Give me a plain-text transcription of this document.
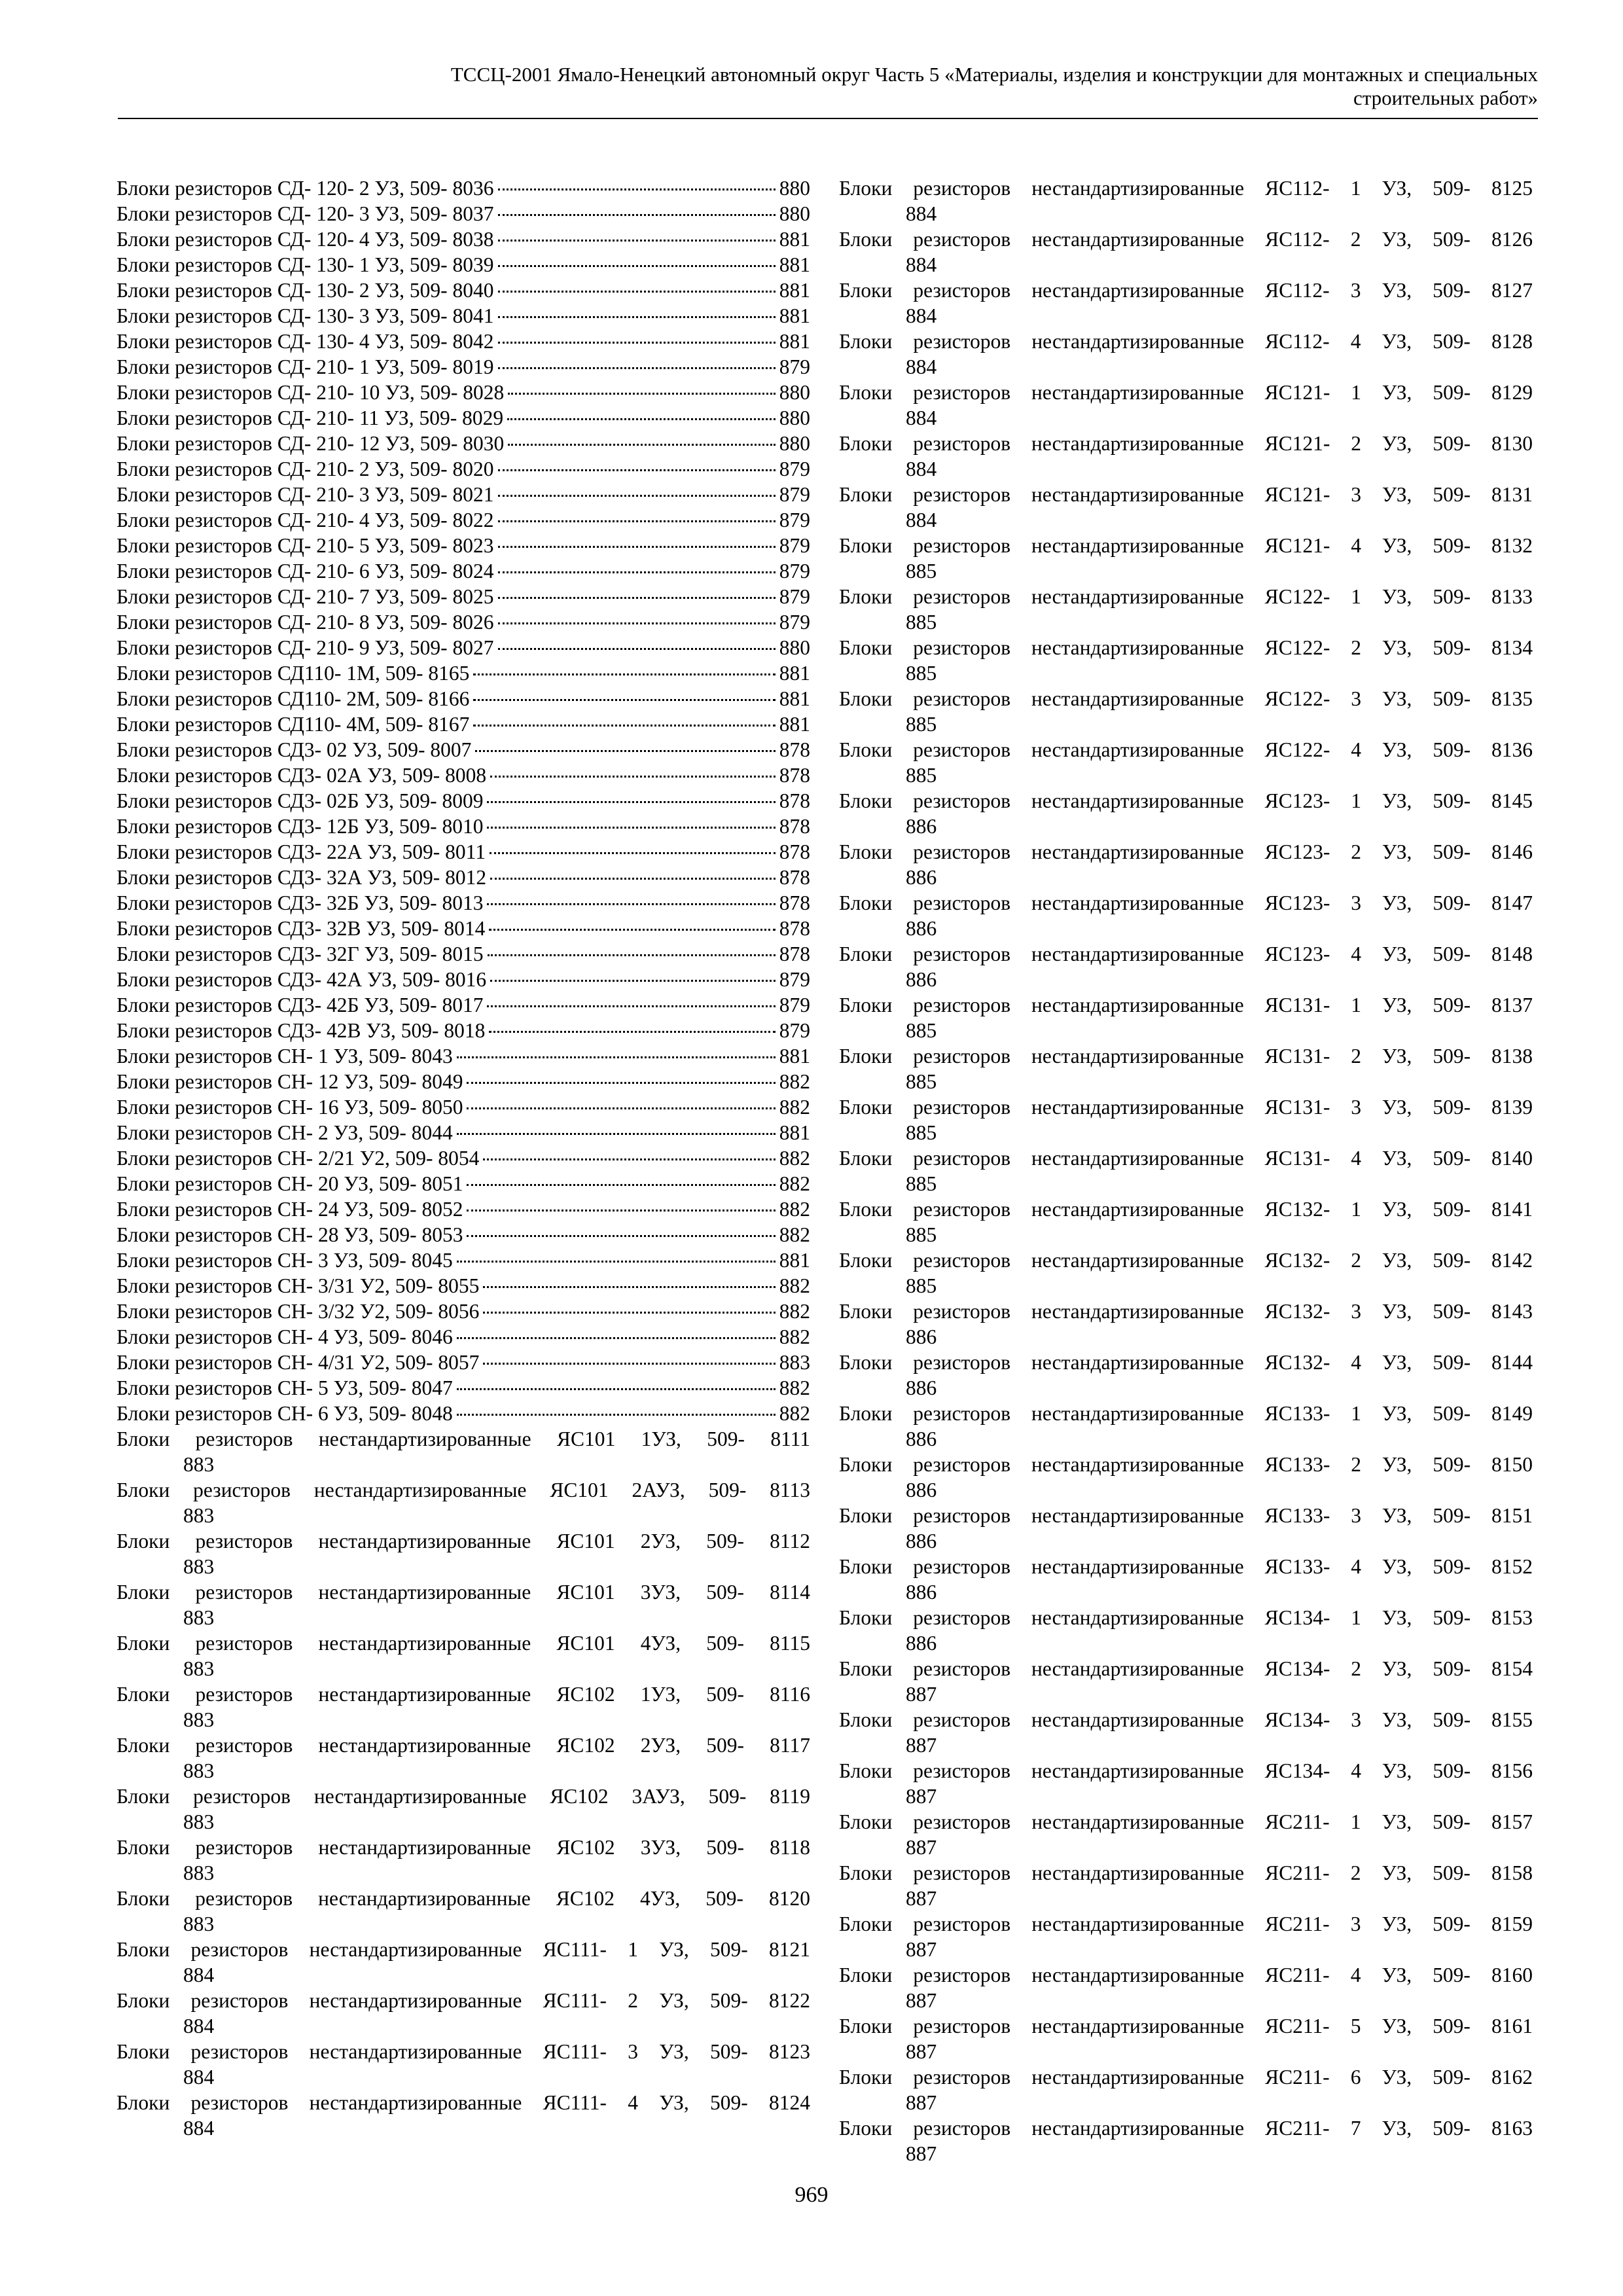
ТССЦ-2001 Ямало-Ненецкий автономный округ Часть 5 «Материалы, изделия и конструкции для монтажных и специальных
строительных работ»
Блоки резисторов СД- 120- 2 УЗ, 509- 8036	880
Блоки резисторов СД- 120- 3 УЗ, 509- 8037	880
Блоки резисторов СД- 120- 4 УЗ, 509- 8038	881
Блоки резисторов СД- 130- 1 УЗ, 509- 8039	881
Блоки резисторов СД- 130- 2 УЗ, 509- 8040	881
Блоки резисторов СД- 130- 3 УЗ, 509- 8041	881
Блоки резисторов СД- 130- 4 УЗ, 509- 8042	881
Блоки резисторов СД- 210- 1 УЗ, 509- 8019	879
Блоки резисторов СД- 210- 10 УЗ, 509- 8028	880
Блоки резисторов СД- 210- 11 УЗ, 509- 8029	880
Блоки резисторов СД- 210- 12 УЗ, 509- 8030	880
Блоки резисторов СД- 210- 2 УЗ, 509- 8020	879
Блоки резисторов СД- 210- 3 УЗ, 509- 8021	879
Блоки резисторов СД- 210- 4 УЗ, 509- 8022	879
Блоки резисторов СД- 210- 5 УЗ, 509- 8023	879
Блоки резисторов СД- 210- 6 УЗ, 509- 8024	879
Блоки резисторов СД- 210- 7 УЗ, 509- 8025	879
Блоки резисторов СД- 210- 8 УЗ, 509- 8026	879
Блоки резисторов СД- 210- 9 УЗ, 509- 8027	880
Блоки резисторов СД110- 1М, 509- 8165	881
Блоки резисторов СД110- 2М, 509- 8166	881
Блоки резисторов СД110- 4М, 509- 8167	881
Блоки резисторов СД3- 02 УЗ, 509- 8007	878
Блоки резисторов СД3- 02А УЗ, 509- 8008	878
Блоки резисторов СД3- 02Б УЗ, 509- 8009	878
Блоки резисторов СД3- 12Б УЗ, 509- 8010	878
Блоки резисторов СД3- 22А УЗ, 509- 8011	878
Блоки резисторов СД3- 32А УЗ, 509- 8012	878
Блоки резисторов СД3- 32Б УЗ, 509- 8013	878
Блоки резисторов СД3- 32В УЗ, 509- 8014	878
Блоки резисторов СД3- 32Г УЗ, 509- 8015	878
Блоки резисторов СД3- 42А УЗ, 509- 8016	879
Блоки резисторов СД3- 42Б УЗ, 509- 8017	879
Блоки резисторов СД3- 42В УЗ, 509- 8018	879
Блоки резисторов СН- 1 УЗ, 509- 8043	881
Блоки резисторов СН- 12 УЗ, 509- 8049	882
Блоки резисторов СН- 16 УЗ, 509- 8050	882
Блоки резисторов СН- 2 УЗ, 509- 8044	881
Блоки резисторов СН- 2/21 У2, 509- 8054	882
Блоки резисторов СН- 20 УЗ, 509- 8051	882
Блоки резисторов СН- 24 УЗ, 509- 8052	882
Блоки резисторов СН- 28 УЗ, 509- 8053	882
Блоки резисторов СН- 3 УЗ, 509- 8045	881
Блоки резисторов СН- 3/31 У2, 509- 8055	882
Блоки резисторов СН- 3/32 У2, 509- 8056	882
Блоки резисторов СН- 4 УЗ, 509- 8046	882
Блоки резисторов СН- 4/31 У2, 509- 8057	883
Блоки резисторов СН- 5 УЗ, 509- 8047	882
Блоки резисторов СН- 6 УЗ, 509- 8048	882
Блоки резисторов нестандартизированные ЯС101 1УЗ, 509- 8111
883
Блоки резисторов нестандартизированные ЯС101 2АУЗ, 509- 8113
883
Блоки резисторов нестандартизированные ЯС101 2УЗ, 509- 8112
883
Блоки резисторов нестандартизированные ЯС101 3УЗ, 509- 8114
883
Блоки резисторов нестандартизированные ЯС101 4УЗ, 509- 8115
883
Блоки резисторов нестандартизированные ЯС102 1УЗ, 509- 8116
883
Блоки резисторов нестандартизированные ЯС102 2УЗ, 509- 8117
883
Блоки резисторов нестандартизированные ЯС102 3АУЗ, 509- 8119
883
Блоки резисторов нестандартизированные ЯС102 3УЗ, 509- 8118
883
Блоки резисторов нестандартизированные ЯС102 4УЗ, 509- 8120
883
Блоки резисторов нестандартизированные ЯС111- 1 УЗ, 509- 8121
884
Блоки резисторов нестандартизированные ЯС111- 2 УЗ, 509- 8122
884
Блоки резисторов нестандартизированные ЯС111- 3 УЗ, 509- 8123
884
Блоки резисторов нестандартизированные ЯС111- 4 УЗ, 509- 8124
884
Блоки резисторов нестандартизированные ЯС112- 1 УЗ, 509- 8125
884
Блоки резисторов нестандартизированные ЯС112- 2 УЗ, 509- 8126
884
Блоки резисторов нестандартизированные ЯС112- 3 УЗ, 509- 8127
884
Блоки резисторов нестандартизированные ЯС112- 4 УЗ, 509- 8128
884
Блоки резисторов нестандартизированные ЯС121- 1 УЗ, 509- 8129
884
Блоки резисторов нестандартизированные ЯС121- 2 УЗ, 509- 8130
884
Блоки резисторов нестандартизированные ЯС121- 3 УЗ, 509- 8131
884
Блоки резисторов нестандартизированные ЯС121- 4 УЗ, 509- 8132
885
Блоки резисторов нестандартизированные ЯС122- 1 УЗ, 509- 8133
885
Блоки резисторов нестандартизированные ЯС122- 2 УЗ, 509- 8134
885
Блоки резисторов нестандартизированные ЯС122- 3 УЗ, 509- 8135
885
Блоки резисторов нестандартизированные ЯС122- 4 УЗ, 509- 8136
885
Блоки резисторов нестандартизированные ЯС123- 1 УЗ, 509- 8145
886
Блоки резисторов нестандартизированные ЯС123- 2 УЗ, 509- 8146
886
Блоки резисторов нестандартизированные ЯС123- 3 УЗ, 509- 8147
886
Блоки резисторов нестандартизированные ЯС123- 4 УЗ, 509- 8148
886
Блоки резисторов нестандартизированные ЯС131- 1 УЗ, 509- 8137
885
Блоки резисторов нестандартизированные ЯС131- 2 УЗ, 509- 8138
885
Блоки резисторов нестандартизированные ЯС131- 3 УЗ, 509- 8139
885
Блоки резисторов нестандартизированные ЯС131- 4 УЗ, 509- 8140
885
Блоки резисторов нестандартизированные ЯС132- 1 УЗ, 509- 8141
885
Блоки резисторов нестандартизированные ЯС132- 2 УЗ, 509- 8142
885
Блоки резисторов нестандартизированные ЯС132- 3 УЗ, 509- 8143
886
Блоки резисторов нестандартизированные ЯС132- 4 УЗ, 509- 8144
886
Блоки резисторов нестандартизированные ЯС133- 1 УЗ, 509- 8149
886
Блоки резисторов нестандартизированные ЯС133- 2 УЗ, 509- 8150
886
Блоки резисторов нестандартизированные ЯС133- 3 УЗ, 509- 8151
886
Блоки резисторов нестандартизированные ЯС133- 4 УЗ, 509- 8152
886
Блоки резисторов нестандартизированные ЯС134- 1 УЗ, 509- 8153
886
Блоки резисторов нестандартизированные ЯС134- 2 УЗ, 509- 8154
887
Блоки резисторов нестандартизированные ЯС134- 3 УЗ, 509- 8155
887
Блоки резисторов нестандартизированные ЯС134- 4 УЗ, 509- 8156
887
Блоки резисторов нестандартизированные ЯС211- 1 УЗ, 509- 8157
887
Блоки резисторов нестандартизированные ЯС211- 2 УЗ, 509- 8158
887
Блоки резисторов нестандартизированные ЯС211- 3 УЗ, 509- 8159
887
Блоки резисторов нестандартизированные ЯС211- 4 УЗ, 509- 8160
887
Блоки резисторов нестандартизированные ЯС211- 5 УЗ, 509- 8161
887
Блоки резисторов нестандартизированные ЯС211- 6 УЗ, 509- 8162
887
Блоки резисторов нестандартизированные ЯС211- 7 УЗ, 509- 8163
887
969
